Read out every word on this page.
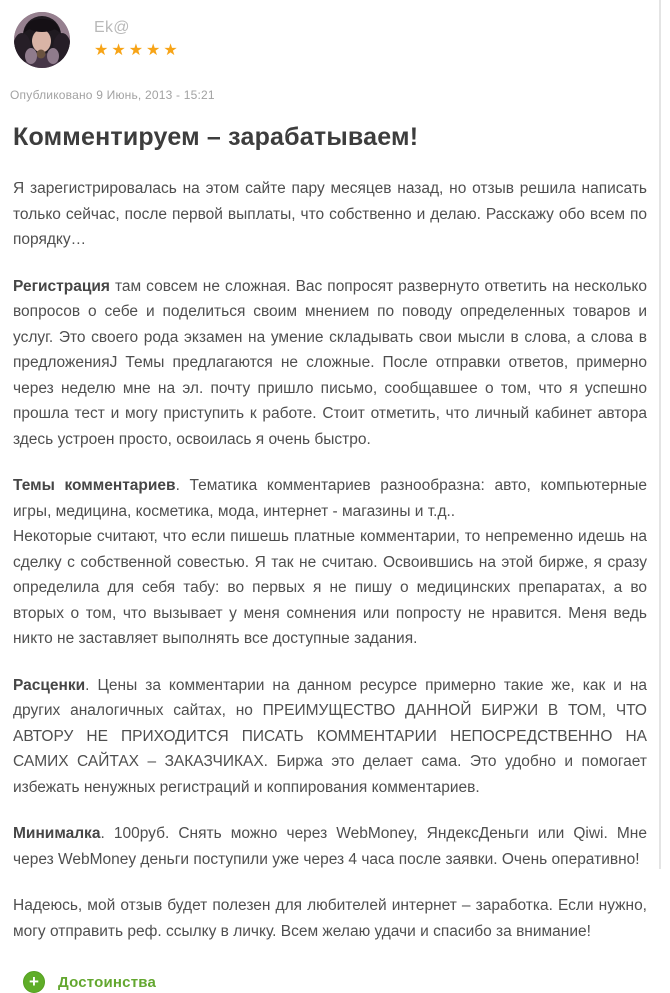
Ek@
★★★★★
Опубликовано 9 Июнь, 2013 - 15:21
Комментируем – зарабатываем!

Я зарегистрировалась на этом сайте пару месяцев назад, но отзыв решила написать только сейчас, после первой выплаты, что собственно и делаю. Расскажу обо всем по порядку…

Регистрация там совсем не сложная. Вас попросят развернуто ответить на несколько вопросов о себе и поделиться своим мнением по поводу определенных товаров и услуг. Это своего рода экзамен на умение складывать свои мысли в слова, а слова в предложенияJ Темы предлагаются не сложные. После отправки ответов, примерно через неделю мне на эл. почту пришло письмо, сообщавшее о том, что я успешно прошла тест и могу приступить к работе. Стоит отметить, что личный кабинет автора здесь устроен просто, освоилась я очень быстро.

Темы комментариев. Тематика комментариев разнообразна: авто, компьютерные игры, медицина, косметика, мода, интернет - магазины и т.д..
Некоторые считают, что если пишешь платные комментарии, то непременно идешь на сделку с собственной совестью. Я так не считаю. Освоившись на этой бирже, я сразу определила для себя табу: во первых я не пишу о медицинских препаратах, а во вторых о том, что вызывает у меня сомнения или попросту не нравится. Меня ведь никто не заставляет выполнять все доступные задания.

Расценки. Цены за комментарии на данном ресурсе примерно такие же, как и на других аналогичных сайтах, но ПРЕИМУЩЕСТВО ДАННОЙ БИРЖИ В ТОМ, ЧТО АВТОРУ НЕ ПРИХОДИТСЯ ПИСАТЬ КОММЕНТАРИИ НЕПОСРЕДСТВЕННО НА САМИХ САЙТАХ – ЗАКАЗЧИКАХ. Биржа это делает сама. Это удобно и помогает избежать ненужных регистраций и коппирования комментариев.

Минималка. 100руб. Снять можно через WebMoney, ЯндексДеньги или Qiwi. Мне через WebMoney деньги поступили уже через 4 часа после заявки. Очень оперативно!

Надеюсь, мой отзыв будет полезен для любителей интернет – заработка. Если нужно, могу отправить реф. ссылку в личку. Всем желаю удачи и спасибо за внимание!

+	Достоинства
